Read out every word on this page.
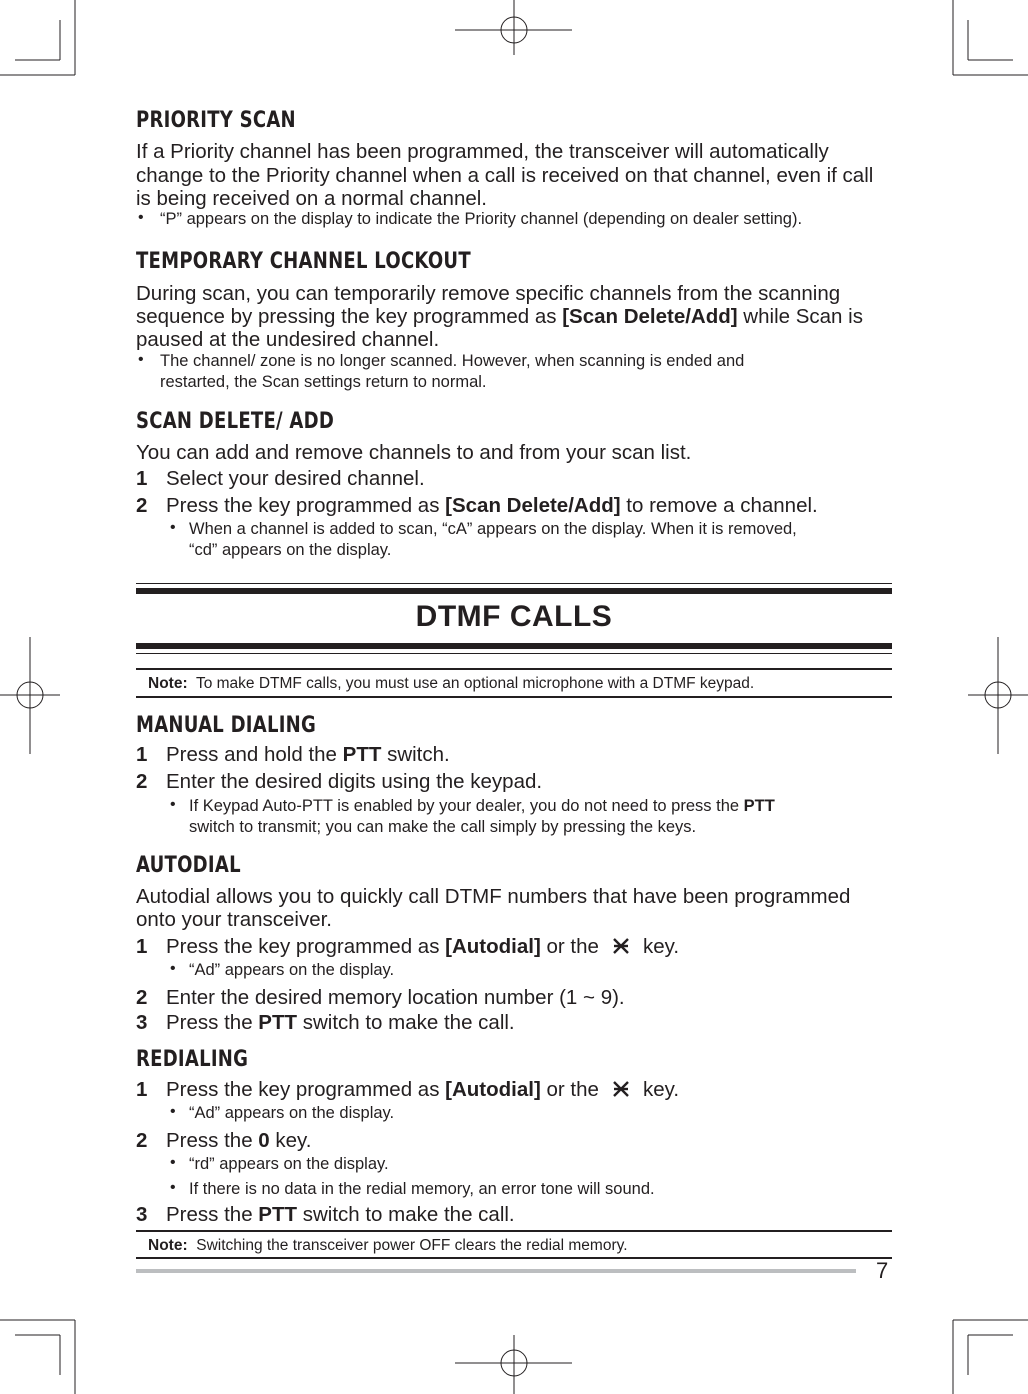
PRIORITY SCAN
If a Priority channel has been programmed, the transceiver will automatically
change to the Priority channel when a call is received on that channel, even if call
is being received on a normal channel.
• “P” appears on the display to indicate the Priority channel (depending on dealer setting).
TEMPORARY CHANNEL LOCKOUT
During scan, you can temporarily remove specific channels from the scanning
sequence by pressing the key programmed as [Scan Delete/Add] while Scan is
paused at the undesired channel.
• The channel/ zone is no longer scanned. However, when scanning is ended and
restarted, the Scan settings return to normal.
SCAN DELETE/ ADD
You can add and remove channels to and from your scan list.
1 Select your desired channel.
2 Press the key programmed as [Scan Delete/Add] to remove a channel.
• When a channel is added to scan, “cA” appears on the display. When it is removed,
“cd” appears on the display.
DTMF CALLS
Note: To make DTMF calls, you must use an optional microphone with a DTMF keypad.
MANUAL DIALING
1 Press and hold the PTT switch.
2 Enter the desired digits using the keypad.
• If Keypad Auto-PTT is enabled by your dealer, you do not need to press the PTT
switch to transmit; you can make the call simply by pressing the keys.
AUTODIAL
Autodial allows you to quickly call DTMF numbers that have been programmed
onto your transceiver.
1 Press the key programmed as [Autodial] or the key.
• “Ad” appears on the display.
2 Enter the desired memory location number (1 ~ 9).
3 Press the PTT switch to make the call.
REDIALING
1 Press the key programmed as [Autodial] or the key.
• “Ad” appears on the display.
2 Press the 0 key.
• “rd” appears on the display.
• If there is no data in the redial memory, an error tone will sound.
3 Press the PTT switch to make the call.
Note: Switching the transceiver power OFF clears the redial memory.
7
